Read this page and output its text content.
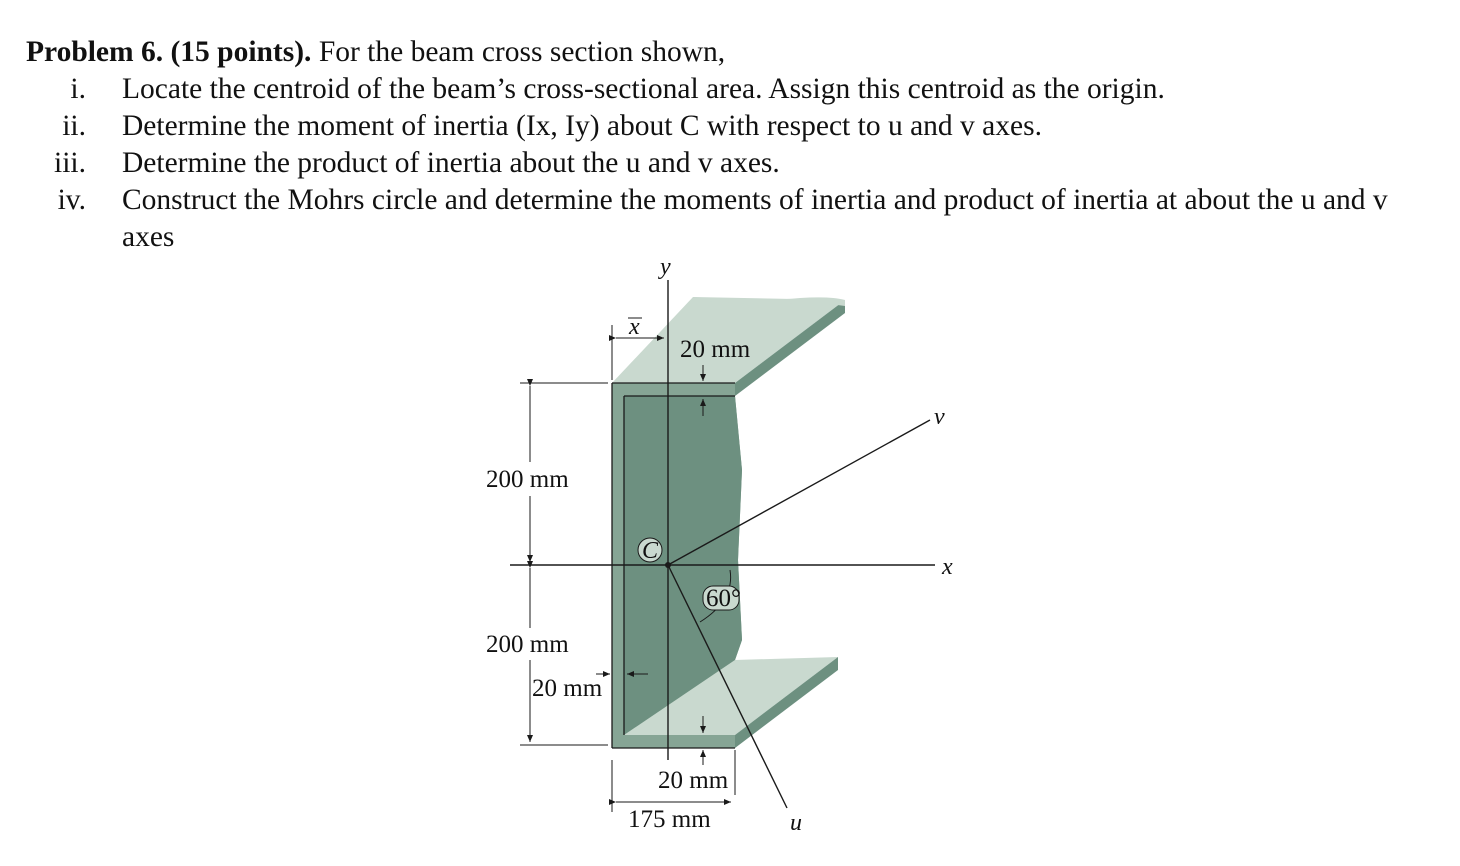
Problem 6. (15 points). For the beam cross section shown,
i. Locate the centroid of the beam’s cross-sectional area. Assign this centroid as the origin.
ii. Determine the moment of inertia (Ix, Iy) about C with respect to u and v axes.
iii. Determine the product of inertia about the u and v axes.
iv. Construct the Mohrs circle and determine the moments of inertia and product of inertia at about the u and v axes
y
x
v
u
x
C
60°
20 mm
200 mm
200 mm
20 mm
20 mm
175 mm
